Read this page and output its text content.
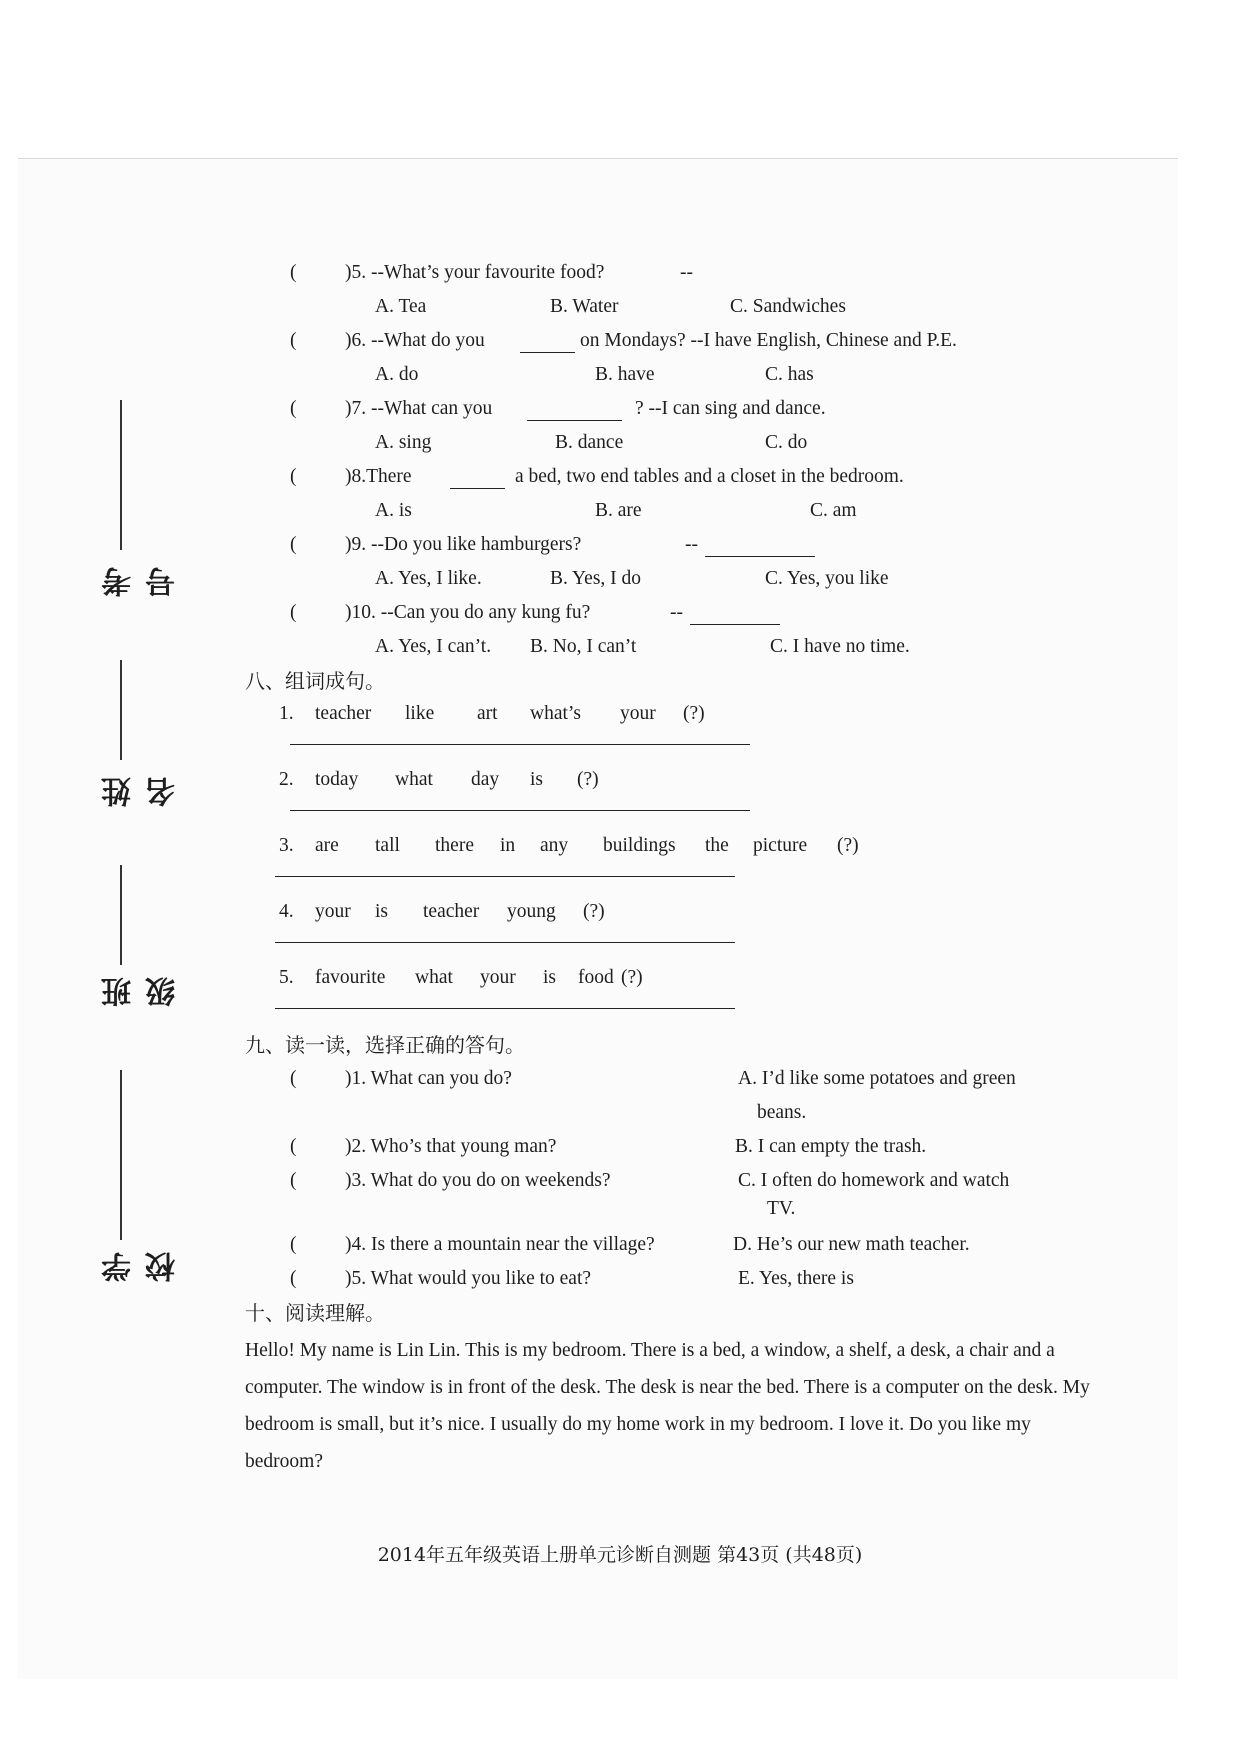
考号
姓名
班级
学校
( )5. --What’s your favourite food?	--
A. Tea	B. Water	C. Sandwiches
( )6. --What do you	on Mondays? --I have English, Chinese and P.E.
A. do	B. have	C. has
( )7. --What can you	? --I can sing and dance.
A. sing	B. dance	C. do
( )8.There	a bed, two end tables and a closet in the bedroom.
A. is	B. are	C. am
( )9. --Do you like hamburgers?	--
A. Yes, I like.	B. Yes, I do	C. Yes, you like
( )10. --Can you do any kung fu?	--
A. Yes, I can’t. B. No, I can’t	C. I have no time.
八、组词成句。
1. teacher like art what’s your (?)
2. today what day is (?)
3. are tall there in any buildings the picture (?)
4. your is teacher young (?)
5. favourite what your is food (?)
九、读一读，选择正确的答句。
( )1. What can you do?	A. I’d like some potatoes and green
beans.
( )2. Who’s that young man?	B. I can empty the trash.
( )3. What do you do on weekends?	C. I often do homework and watch
TV.
( )4. Is there a mountain near the village?	D. He’s our new math teacher.
( )5. What would you like to eat?	E. Yes, there is
十、阅读理解。
Hello! My name is Lin Lin. This is my bedroom. There is a bed, a window, a shelf, a desk, a chair and a computer. The window is in front of the desk. The desk is near the bed. There is a computer on the desk. My bedroom is small, but it’s nice. I usually do my home work in my bedroom. I love it. Do you like my bedroom?
2014年五年级英语上册单元诊断自测题 第43页 (共48页)
